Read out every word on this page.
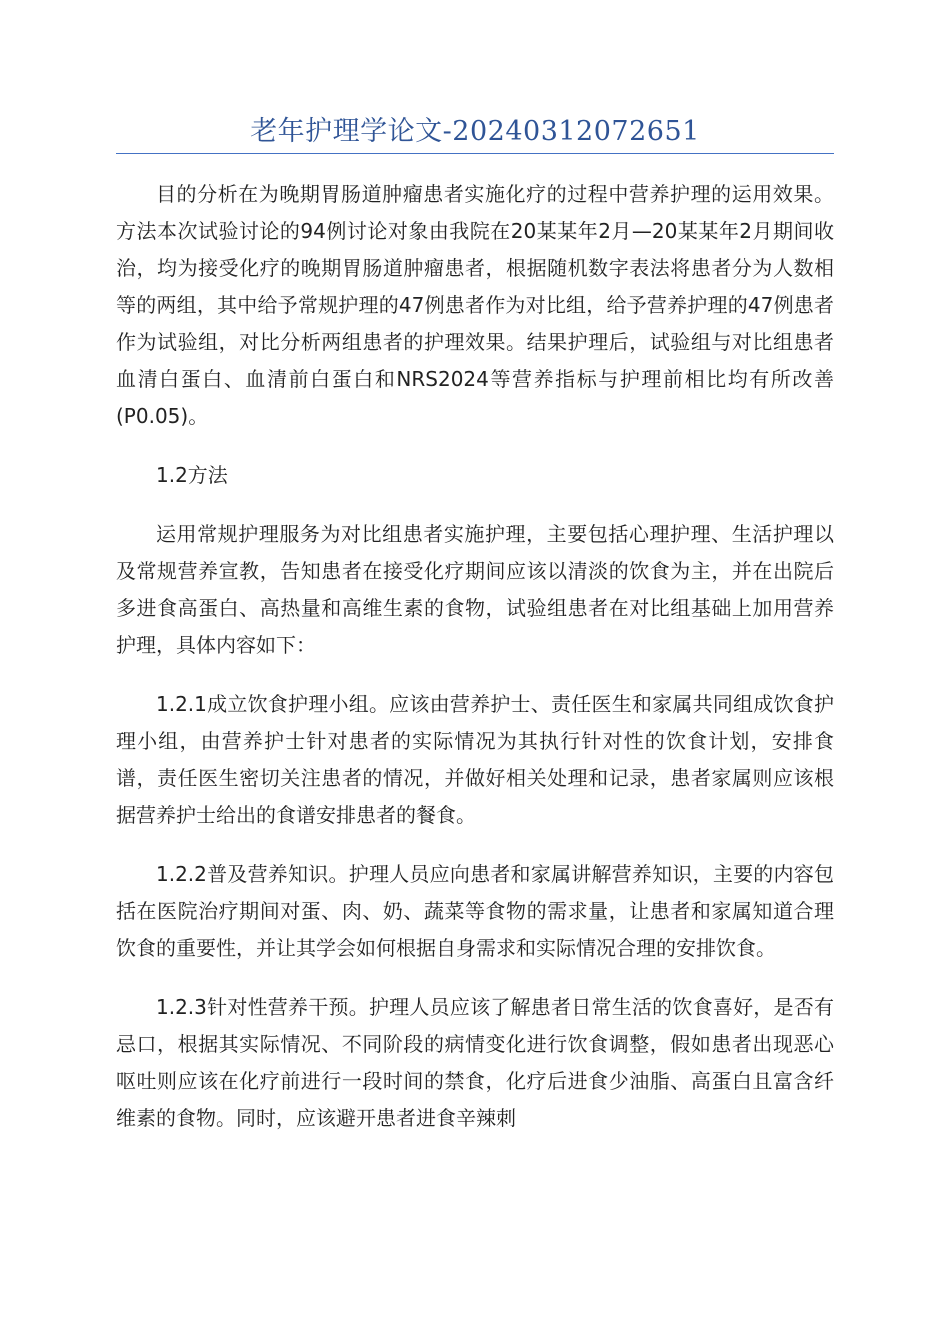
老年护理学论文-20240312072651

目的分析在为晚期胃肠道肿瘤患者实施化疗的过程中营养护理的运用效果。方法本次试验讨论的94例讨论对象由我院在20某某年2月—20某某年2月期间收治，均为接受化疗的晚期胃肠道肿瘤患者，根据随机数字表法将患者分为人数相等的两组，其中给予常规护理的47例患者作为对比组，给予营养护理的47例患者作为试验组，对比分析两组患者的护理效果。结果护理后，试验组与对比组患者血清白蛋白、血清前白蛋白和NRS2024等营养指标与护理前相比均有所改善(P0.05)。

1.2方法

运用常规护理服务为对比组患者实施护理，主要包括心理护理、生活护理以及常规营养宣教，告知患者在接受化疗期间应该以清淡的饮食为主，并在出院后多进食高蛋白、高热量和高维生素的食物，试验组患者在对比组基础上加用营养护理，具体内容如下：

1.2.1成立饮食护理小组。应该由营养护士、责任医生和家属共同组成饮食护理小组，由营养护士针对患者的实际情况为其执行针对性的饮食计划，安排食谱，责任医生密切关注患者的情况，并做好相关处理和记录，患者家属则应该根据营养护士给出的食谱安排患者的餐食。

1.2.2普及营养知识。护理人员应向患者和家属讲解营养知识，主要的内容包括在医院治疗期间对蛋、肉、奶、蔬菜等食物的需求量，让患者和家属知道合理饮食的重要性，并让其学会如何根据自身需求和实际情况合理的安排饮食。

1.2.3针对性营养干预。护理人员应该了解患者日常生活的饮食喜好，是否有忌口，根据其实际情况、不同阶段的病情变化进行饮食调整，假如患者出现恶心呕吐则应该在化疗前进行一段时间的禁食，化疗后进食少油脂、高蛋白且富含纤维素的食物。同时，应该避开患者进食辛辣刺
